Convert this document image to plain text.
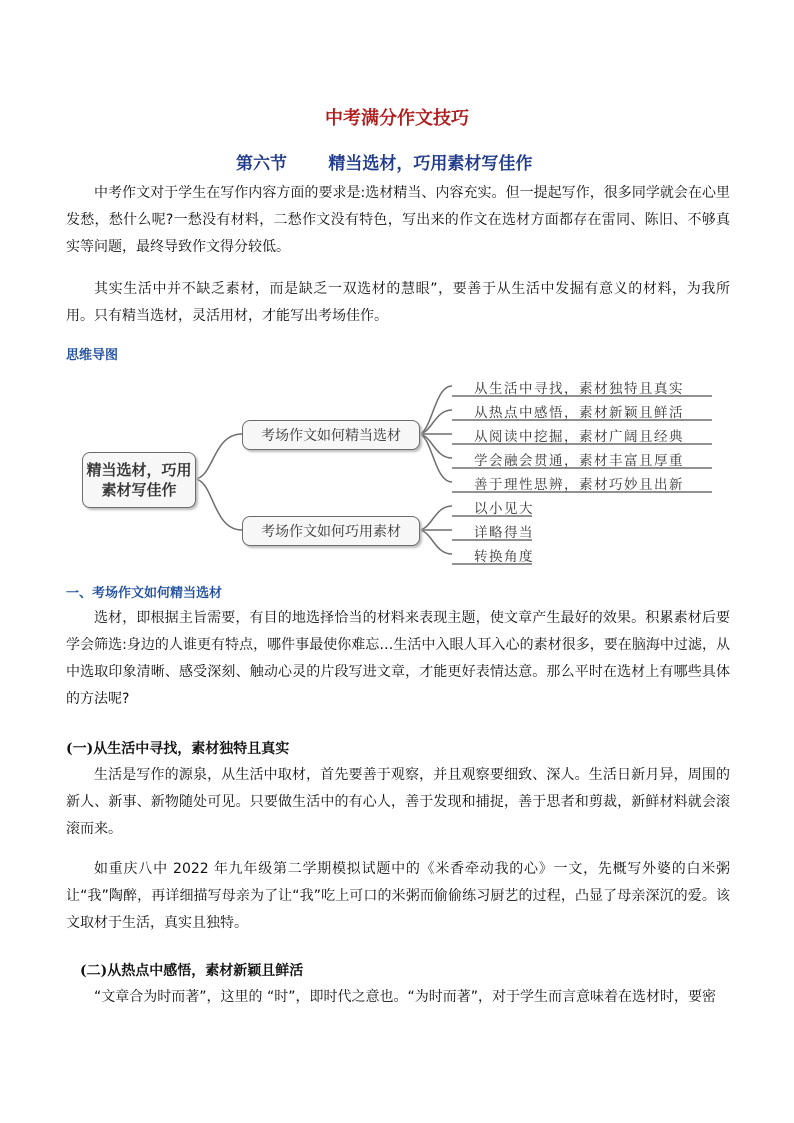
中考满分作文技巧
第六节       精当选材，巧用素材写佳作
中考作文对于学生在写作内容方面的要求是:选材精当、内容充实。但一提起写作，很多同学就会在心里发愁，愁什么呢?一愁没有材料，二愁作文没有特色，写出来的作文在选材方面都存在雷同、陈旧、不够真实等问题，最终导致作文得分较低。
其实生活中并不缺乏素材，而是缺乏一双选材的慧眼”，要善于从生活中发掘有意义的材料，为我所用。只有精当选材，灵活用材，才能写出考场佳作。
思维导图
精当选材，巧用素材写佳作
考场作文如何精当选材
考场作文如何巧用素材
从生活中寻找，素材独特且真实
从热点中感悟，素材新颖且鲜活
从阅读中挖掘，素材广阔且经典
学会融会贯通，素材丰富且厚重
善于理性思辨，素材巧妙且出新
以小见大
详略得当
转换角度
一、考场作文如何精当选材
选材，即根据主旨需要，有目的地选择恰当的材料来表现主题，使文章产生最好的效果。积累素材后要学会筛选:身边的人谁更有特点，哪件事最使你难忘…生活中入眼人耳入心的素材很多，要在脑海中过滤，从中选取印象清晰、感受深刻、触动心灵的片段写进文章，才能更好表情达意。那么平时在选材上有哪些具体的方法呢?
(一)从生活中寻找，素材独特且真实
生活是写作的源泉，从生活中取材，首先要善于观察，并且观察要细致、深人。生活日新月异，周围的新人、新事、新物随处可见。只要做生活中的有心人，善于发现和捕捉，善于思者和剪裁，新鲜材料就会滚滚而来。
如重庆八中 2022 年九年级第二学期模拟试题中的《米香牵动我的心》一文，先概写外婆的白米粥让“我”陶醉，再详细描写母亲为了让“我”吃上可口的米粥而偷偷练习厨艺的过程，凸显了母亲深沉的爱。该文取材于生活，真实且独特。
(二)从热点中感悟，素材新颖且鲜活
“文章合为时而著”，这里的 “时”，即时代之意也。“为时而著”，对于学生而言意味着在选材时，要密
